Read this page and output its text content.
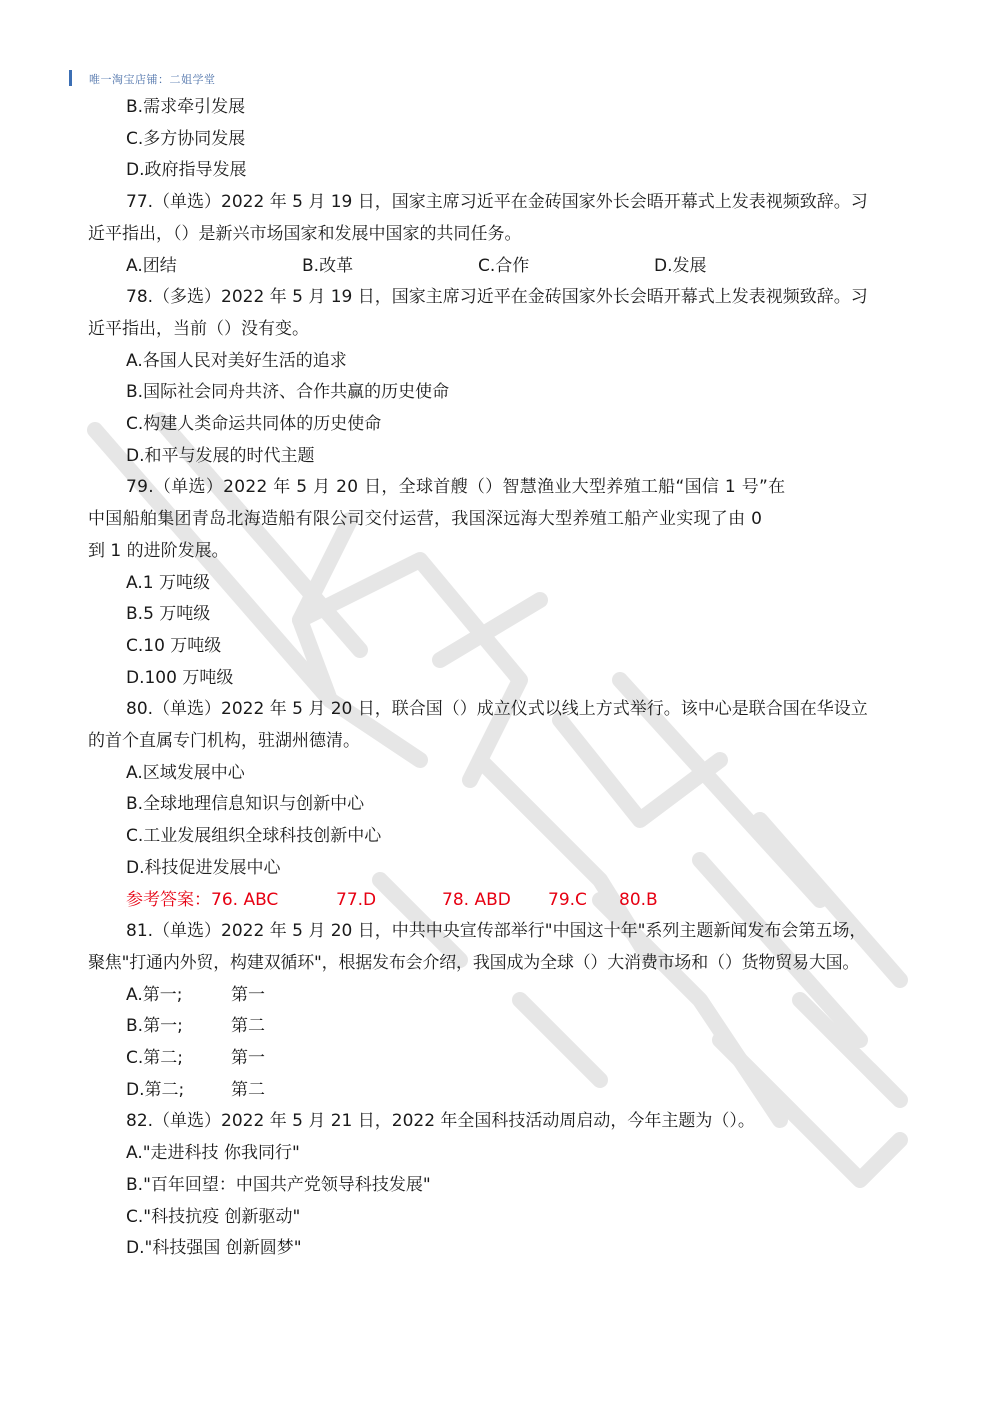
唯一淘宝店铺：二姐学堂
B.需求牵引发展
C.多方协同发展
D.政府指导发展
77.（单选）2022 年 5 月 19 日，国家主席习近平在金砖国家外长会晤开幕式上发表视频致辞。习
近平指出，（）是新兴市场国家和发展中国家的共同任务。
A.团结	B.改革	C.合作	D.发展
78.（多选）2022 年 5 月 19 日，国家主席习近平在金砖国家外长会晤开幕式上发表视频致辞。习
近平指出，当前（）没有变。
A.各国人民对美好生活的追求
B.国际社会同舟共济、合作共赢的历史使命
C.构建人类命运共同体的历史使命
D.和平与发展的时代主题
79.（单选）2022 年 5 月 20 日，全球首艘（）智慧渔业大型养殖工船“国信 1 号”在
中国船舶集团青岛北海造船有限公司交付运营，我国深远海大型养殖工船产业实现了由 0
到 1 的进阶发展。
A.1 万吨级
B.5 万吨级
C.10 万吨级
D.100 万吨级
80.（单选）2022 年 5 月 20 日，联合国（）成立仪式以线上方式举行。该中心是联合国在华设立
的首个直属专门机构，驻湖州德清。
A.区域发展中心
B.全球地理信息知识与创新中心
C.工业发展组织全球科技创新中心
D.科技促进发展中心
参考答案：76. ABC	77.D	78. ABD 79.C 80.B
81.（单选）2022 年 5 月 20 日，中共中央宣传部举行"中国这十年"系列主题新闻发布会第五场，
聚焦"打通内外贸，构建双循环"，根据发布会介绍，我国成为全球（）大消费市场和（）货物贸易大国。
A.第一;	第一
B.第一;	第二
C.第二;	第一
D.第二;	第二
82.（单选）2022 年 5 月 21 日，2022 年全国科技活动周启动，今年主题为（）。
A."走进科技 你我同行"
B."百年回望：中国共产党领导科技发展"
C."科技抗疫 创新驱动"
D."科技强国 创新圆梦"
